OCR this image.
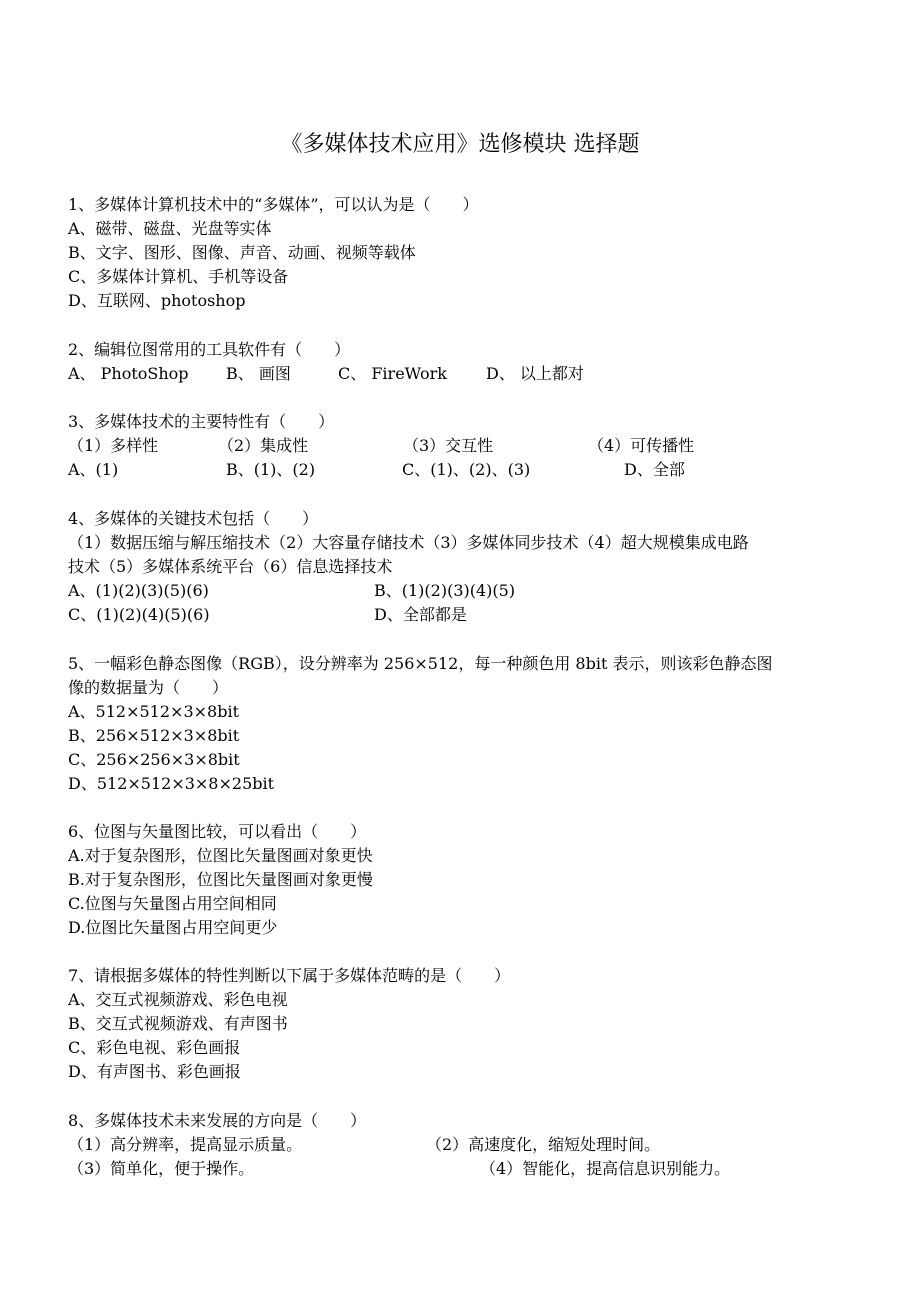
《多媒体技术应用》选修模块 选择题
1、多媒体计算机技术中的“多媒体”，可以认为是（　　）
A、磁带、磁盘、光盘等实体
B、文字、图形、图像、声音、动画、视频等载体
C、多媒体计算机、手机等设备
D、互联网、photoshop
2、编辑位图常用的工具软件有（　　）

A、 PhotoShop

B、 画图

	C、 FireWork

D、 以上都对

3、多媒体技术的主要特性有（　　）

（1）多样性

	（2）集成性

	（3）交互性

	（4）可传播性

A、(1)

	B、(1)、(2)

	C、(1)、(2)、(3)

	D、全部

4、多媒体的关键技术包括（　　）
（1）数据压缩与解压缩技术（2）大容量存储技术（3）多媒体同步技术（4）超大规模集成电路
技术（5）多媒体系统平台（6）信息选择技术

A、(1)(2)(3)(5)(6)

	B、(1)(2)(3)(4)(5)

C、(1)(2)(4)(5)(6)

	D、全部都是

5、一幅彩色静态图像（RGB），设分辨率为 256×512，每一种颜色用 8bit 表示，则该彩色静态图
像的数据量为（　　）
A、512×512×3×8bit
B、256×512×3×8bit
C、256×256×3×8bit
D、512×512×3×8×25bit
6、位图与矢量图比较，可以看出（　　）
A.对于复杂图形，位图比矢量图画对象更快
B.对于复杂图形，位图比矢量图画对象更慢
C.位图与矢量图占用空间相同
D.位图比矢量图占用空间更少
7、请根据多媒体的特性判断以下属于多媒体范畴的是（　　）
A、交互式视频游戏、彩色电视
B、交互式视频游戏、有声图书
C、彩色电视、彩色画报
D、有声图书、彩色画报
8、多媒体技术未来发展的方向是（　　）

（1）高分辨率，提高显示质量。

	（2）高速度化，缩短处理时间。

（3）简单化，便于操作。

	（4）智能化，提高信息识别能力。
